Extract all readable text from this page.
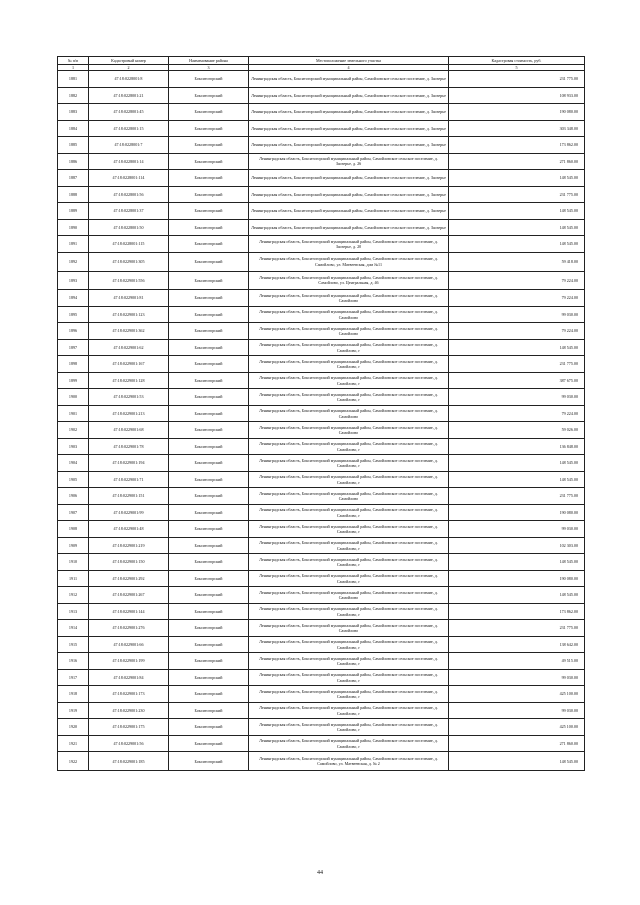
№ п/п	Кадастровый номер	Наименование района	Местоположение земельного участка	Кадастровая стоимость, руб.
1	2	3	4	5
1881	47:18:0228001:8	Бокситогорский	Ленинградская область, Бокситогорский муниципальный район, Самойловское сельское поселение, д. Заозерье	231 775.00
1882	47:18:0228001:21	Бокситогорский	Ленинградская область, Бокситогорский муниципальный район, Самойловское сельское поселение, д. Заозерье	108 933.00
1883	47:18:0228001:45	Бокситогорский	Ленинградская область, Бокситогорский муниципальный район, Самойловское сельское поселение, д. Заозерье	190 080.00
1884	47:18:0228001:15	Бокситогорский	Ленинградская область, Бокситогорский муниципальный район, Самойловское сельское поселение, д. Заозерье	303 348.00
1885	47:18:0228001:7	Бокситогорский	Ленинградская область, Бокситогорский муниципальный район, Самойловское сельское поселение, д. Заозерье	173 862.00
1886	47:18:0228001:14	Бокситогорский	Ленинградская область, Бокситогорский муниципальный район, Самойловское сельское поселение, д. Заозерье, д. 26	271 860.00
1887	47:18:0228001:114	Бокситогорский	Ленинградская область, Бокситогорский муниципальный район, Самойловское сельское поселение, д. Заозерье	148 545.00
1888	47:18:0228001:56	Бокситогорский	Ленинградская область, Бокситогорский муниципальный район, Самойловское сельское поселение, д. Заозерье	231 775.00
1889	47:18:0228001:37	Бокситогорский	Ленинградская область, Бокситогорский муниципальный район, Самойловское сельское поселение, д. Заозерье	148 545.00
1890	47:18:0228001:50	Бокситогорский	Ленинградская область, Бокситогорский муниципальный район, Самойловское сельское поселение, д. Заозерье	148 545.00
1891	47:18:0228001:115	Бокситогорский	Ленинградская область, Бокситогорский муниципальный район, Самойловское сельское поселение, д. Заозерье, д. 20	148 545.00
1892	47:18:0229001:305	Бокситогорский	Ленинградская область, Бокситогорский муниципальный район, Самойловское сельское поселение, д. Самойлово, ул. Матвеевская, дом №11	59 418.00
1893	47:18:0229001:556	Бокситогорский	Ленинградская область, Бокситогорский муниципальный район, Самойловское сельское поселение, д. Самойлово, ул. Центральная, д. 46	79 224.00
1894	47:18:0229001:81	Бокситогорский	Ленинградская область, Бокситогорский муниципальный район, Самойловское сельское поселение, д. Самойлово	79 224.00
1895	47:18:0229001:123	Бокситогорский	Ленинградская область, Бокситогорский муниципальный район, Самойловское сельское поселение, д. Самойлово	99 030.00
1896	47:18:0229001:362	Бокситогорский	Ленинградская область, Бокситогорский муниципальный район, Самойловское сельское поселение, д. Самойлово	79 224.00
1897	47:18:0229001:62	Бокситогорский	Ленинградская область, Бокситогорский муниципальный район, Самойловское сельское поселение, д. Самойлово, г	148 545.00
1898	47:18:0229001:167	Бокситогорский	Ленинградская область, Бокситогорский муниципальный район, Самойловское сельское поселение, д. Самойлово, г	231 775.00
1899	47:18:0229001:128	Бокситогорский	Ленинградская область, Бокситогорский муниципальный район, Самойловское сельское поселение, д. Самойлово, г	387 675.00
1900	47:18:0229001:53	Бокситогорский	Ленинградская область, Бокситогорский муниципальный район, Самойловское сельское поселение, д. Самойлово, г	99 030.00
1901	47:18:0229001:213	Бокситогорский	Ленинградская область, Бокситогорский муниципальный район, Самойловское сельское поселение, д. Самойлово	79 224.00
1902	47:18:0229001:68	Бокситогорский	Ленинградская область, Бокситогорский муниципальный район, Самойловское сельское поселение, д. Самойлово	59 026.00
1903	47:18:0229001:78	Бокситогорский	Ленинградская область, Бокситогорский муниципальный район, Самойловское сельское поселение, д. Самойлово, г	136 848.00
1904	47:18:0229001:194	Бокситогорский	Ленинградская область, Бокситогорский муниципальный район, Самойловское сельское поселение, д. Самойлово, г	148 545.00
1905	47:18:0229001:71	Бокситогорский	Ленинградская область, Бокситогорский муниципальный район, Самойловское сельское поселение, д. Самойлово, г	148 545.00
1906	47:18:0229001:151	Бокситогорский	Ленинградская область, Бокситогорский муниципальный район, Самойловское сельское поселение, д. Самойлово	231 775.00
1907	47:18:0229001:99	Бокситогорский	Ленинградская область, Бокситогорский муниципальный район, Самойловское сельское поселение, д. Самойлово, г	190 080.00
1908	47:18:0229001:48	Бокситогорский	Ленинградская область, Бокситогорский муниципальный район, Самойловское сельское поселение, д. Самойлово, г	99 030.00
1909	47:18:0229001:219	Бокситогорский	Ленинградская область, Бокситогорский муниципальный район, Самойловское сельское поселение, д. Самойлово, г	102 303.00
1910	47:18:0229001:150	Бокситогорский	Ленинградская область, Бокситогорский муниципальный район, Самойловское сельское поселение, д. Самойлово, г	148 545.00
1911	47:18:0229001:292	Бокситогорский	Ленинградская область, Бокситогорский муниципальный район, Самойловское сельское поселение, д. Самойлово, г	190 080.00
1912	47:18:0229001:267	Бокситогорский	Ленинградская область, Бокситогорский муниципальный район, Самойловское сельское поселение, д. Самойлово	148 545.00
1913	47:18:0229001:144	Бокситогорский	Ленинградская область, Бокситогорский муниципальный район, Самойловское сельское поселение, д. Самойлово, г	173 862.00
1914	47:18:0229001:276	Бокситогорский	Ленинградская область, Бокситогорский муниципальный район, Самойловское сельское поселение, д. Самойлово	231 775.00
1915	47:18:0229001:66	Бокситогорский	Ленинградская область, Бокситогорский муниципальный район, Самойловское сельское поселение, д. Самойлово, г	138 642.00
1916	47:18:0229001:199	Бокситогорский	Ленинградская область, Бокситогорский муниципальный район, Самойловское сельское поселение, д. Самойлово, г	49 515.00
1917	47:18:0229001:84	Бокситогорский	Ленинградская область, Бокситогорский муниципальный район, Самойловское сельское поселение, д. Самойлово, г	99 030.00
1918	47:18:0229001:173	Бокситогорский	Ленинградская область, Бокситогорский муниципальный район, Самойловское сельское поселение, д. Самойлово, г	425 100.00
1919	47:18:0229001:230	Бокситогорский	Ленинградская область, Бокситогорский муниципальный район, Самойловское сельское поселение, д. Самойлово, г	99 030.00
1920	47:18:0229001:175	Бокситогорский	Ленинградская область, Бокситогорский муниципальный район, Самойловское сельское поселение, д. Самойлово, г	425 100.00
1921	47:18:0229001:56	Бокситогорский	Ленинградская область, Бокситогорский муниципальный район, Самойловское сельское поселение, д. Самойлово, г	271 860.00
1922	47:18:0229001:185	Бокситогорский	Ленинградская область, Бокситогорский муниципальный район, Самойловское сельское поселение, д. Самойлово, ул. Матвеевская, д. № 2	148 545.00
44
